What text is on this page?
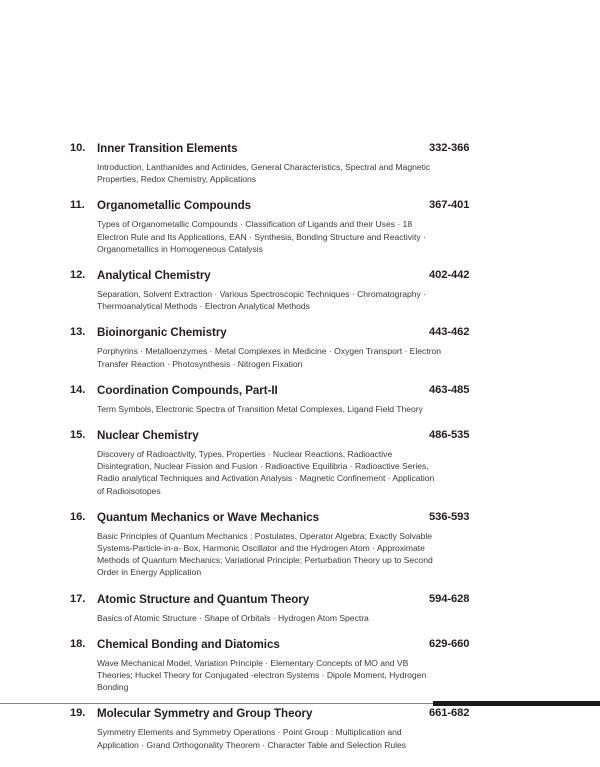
10.	Inner Transition Elements	332-366
Introduction, Lanthanides and Actinides, General Characteristics, Spectral and Magnetic Properties, Redox Chemistry, Applications
11.	Organometallic Compounds	367-401
Types of Organometallic Compounds · Classification of Ligands and their Uses · 18 Electron Rule and Its Applications, EAN · Synthesis, Bonding Structure and Reactivity · Organometallics in Homogeneous Catalysis
12.	Analytical Chemistry	402-442
Separation, Solvent Extraction · Various Spectroscopic Techniques · Chromatography · Thermoanalytical Methods · Electron Analytical Methods
13.	Bioinorganic Chemistry	443-462
Porphyrins · Metalloenzymes · Metal Complexes in Medicine · Oxygen Transport · Electron Transfer Reaction · Photosynthesis · Nitrogen Fixation
14.	Coordination Compounds, Part-II	463-485
Term Symbols, Electronic Spectra of Transition Metal Complexes, Ligand Field Theory
15.	Nuclear Chemistry	486-535
Discovery of Radioactivity, Types, Properties · Nuclear Reactions, Radioactive Disintegration, Nuclear Fission and Fusion · Radioactive Equilibria · Radioactive Series, Radio analytical Techniques and Activation Analysis · Magnetic Confinement · Application of Radioisotopes
16.	Quantum Mechanics or Wave Mechanics	536-593
Basic Principles of Quantum Mechanics : Postulates, Operator Algebra; Exactly Solvable Systems-Particle-in-a- Box, Harmonic Oscillator and the Hydrogen Atom · Approximate Methods of Quantum Mechanics; Variational Principle; Perturbation Theory up to Second Order in Energy Application
17.	Atomic Structure and Quantum Theory	594-628
Basics of Atomic Structure · Shape of Orbitals · Hydrogen Atom Spectra
18.	Chemical Bonding and Diatomics	629-660
Wave Mechanical Model, Variation Principle · Elementary Concepts of MO and VB Theories; Huckel Theory for Conjugated -electron Systems · Dipole Moment, Hydrogen Bonding
19.	Molecular Symmetry and Group Theory	661-682
Symmetry Elements and Symmetry Operations · Point Group : Multiplication and Application · Grand Orthogonality Theorem · Character Table and Selection Rules
